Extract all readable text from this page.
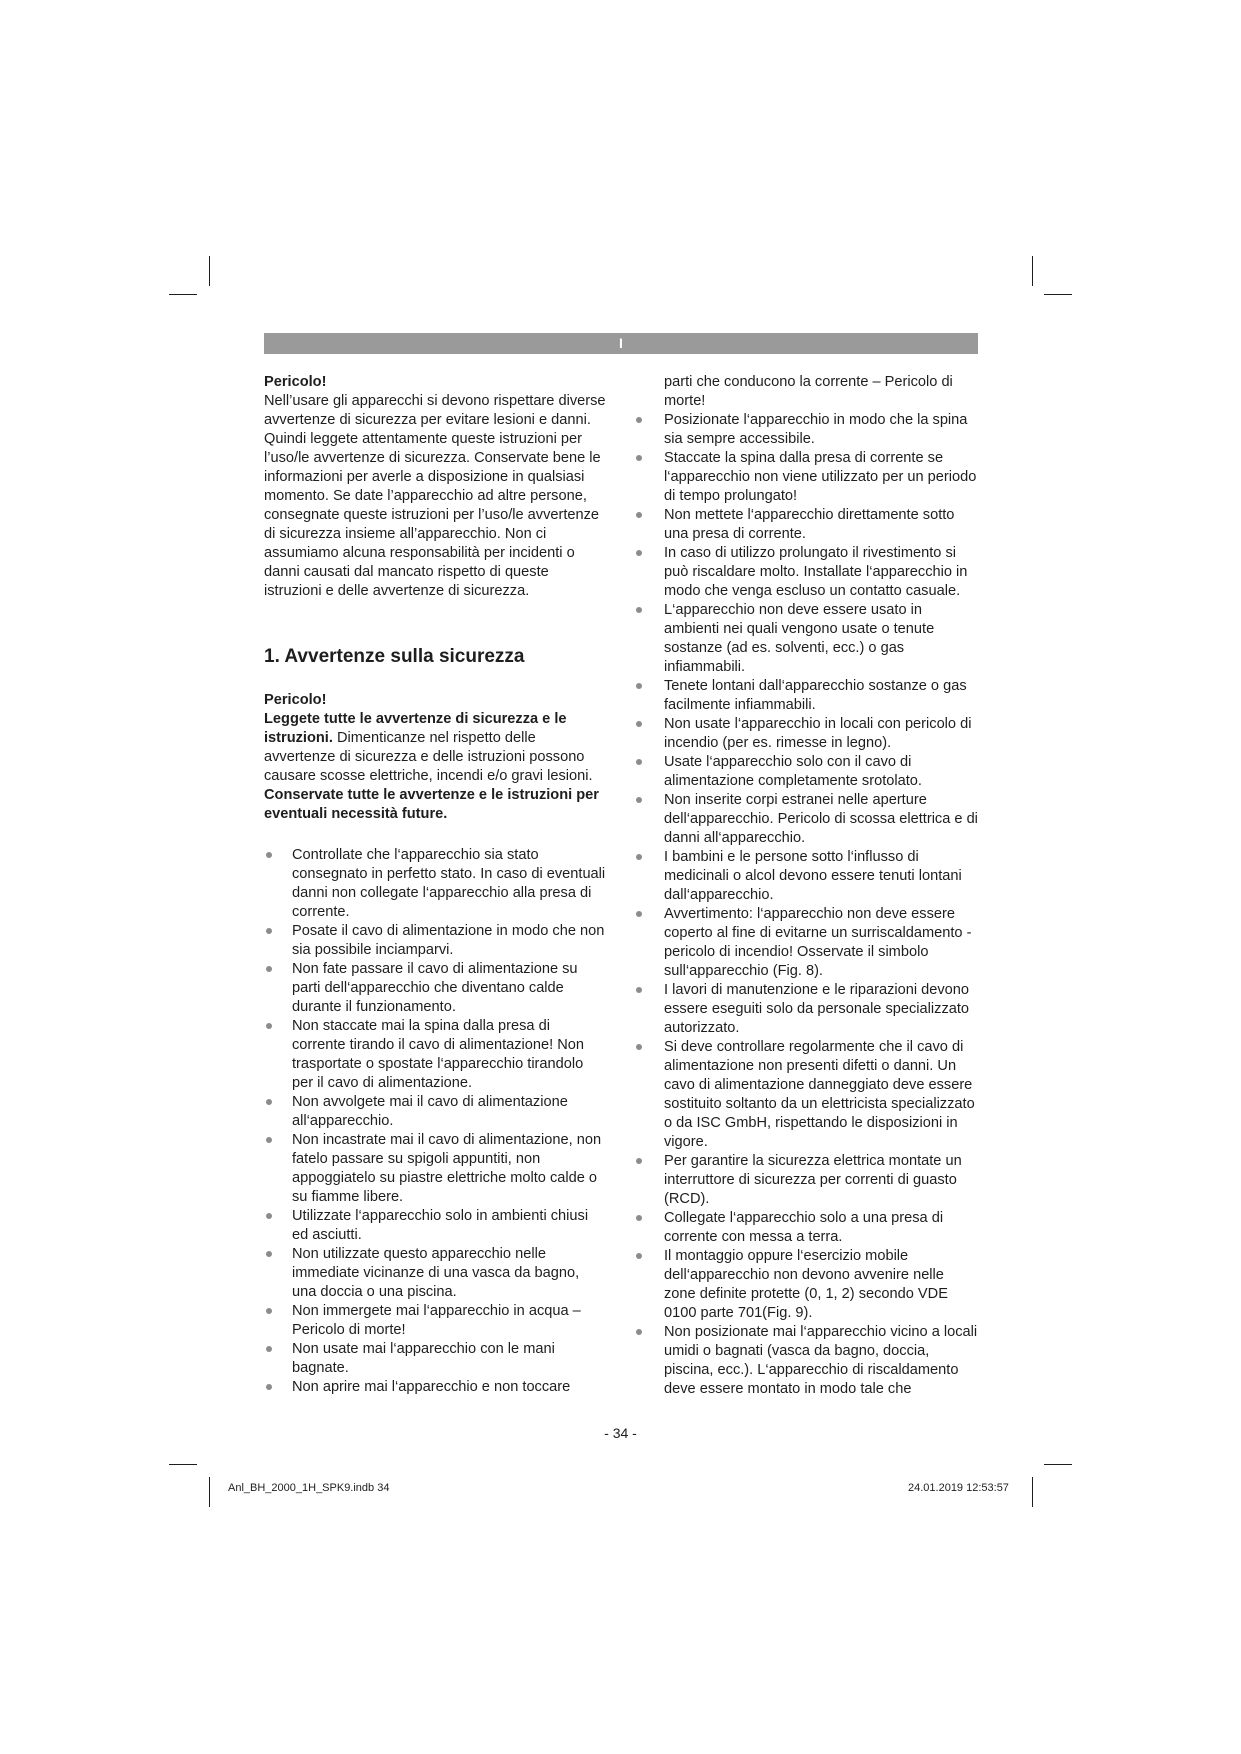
I

Pericolo!

Nell’usare gli apparecchi si devono rispettare diverse avvertenze di sicurezza per evitare lesioni e danni. Quindi leggete attentamente queste istruzioni per l’uso/le avvertenze di sicurezza. Conservate bene le informazioni per averle a disposizione in qualsiasi momento. Se date l’apparecchio ad altre persone, consegnate queste istruzioni per l’uso/le avvertenze di sicurezza insieme all’apparecchio. Non ci assumiamo alcuna responsabilità per incidenti o danni causati dal mancato rispetto di queste istruzioni e delle avvertenze di sicurezza.

1. Avvertenze sulla sicurezza

Pericolo!

Leggete tutte le avvertenze di sicurezza e le istruzioni. Dimenticanze nel rispetto delle avvertenze di sicurezza e delle istruzioni possono causare scosse elettriche, incendi e/o gravi lesioni.

Conservate tutte le avvertenze e le istruzioni per eventuali necessità future.

Controllate che l‘apparecchio sia stato consegnato in perfetto stato. In caso di eventuali danni non collegate l‘apparecchio alla presa di corrente.
Posate il cavo di alimentazione in modo che non sia possibile inciamparvi.
Non fate passare il cavo di alimentazione su parti dell‘apparecchio che diventano calde durante il funzionamento.
Non staccate mai la spina dalla presa di corrente tirando il cavo di alimentazione! Non trasportate o spostate l‘apparecchio tirandolo per il cavo di alimentazione.
Non avvolgete mai il cavo di alimentazione all‘apparecchio.
Non incastrate mai il cavo di alimentazione, non fatelo passare su spigoli appuntiti, non appoggiatelo su piastre elettriche molto calde o su fiamme libere.
Utilizzate l‘apparecchio solo in ambienti chiusi ed asciutti.
Non utilizzate questo apparecchio nelle immediate vicinanze di una vasca da bagno, una doccia o una piscina.
Non immergete mai l‘apparecchio in acqua – Pericolo di morte!
Non usate mai l‘apparecchio con le mani bagnate.
Non aprire mai l‘apparecchio e non toccare

parti che conducono la corrente – Pericolo di morte!

Posizionate l‘apparecchio in modo che la spina sia sempre accessibile.
Staccate la spina dalla presa di corrente se l‘apparecchio non viene utilizzato per un periodo di tempo prolungato!
Non mettete l‘apparecchio direttamente sotto una presa di corrente.
In caso di utilizzo prolungato il rivestimento si può riscaldare molto. Installate l‘apparecchio in modo che venga escluso un contatto casuale.
L‘apparecchio non deve essere usato in ambienti nei quali vengono usate o tenute sostanze (ad es. solventi, ecc.) o gas infiammabili.
Tenete lontani dall‘apparecchio sostanze o gas facilmente infiammabili.
Non usate l‘apparecchio in locali con pericolo di incendio (per es. rimesse in legno).
Usate l‘apparecchio solo con il cavo di alimentazione completamente srotolato.
Non inserite corpi estranei nelle aperture dell‘apparecchio. Pericolo di scossa elettrica e di danni all‘apparecchio.
I bambini e le persone sotto l‘influsso di medicinali o alcol devono essere tenuti lontani dall‘apparecchio.
Avvertimento: l‘apparecchio non deve essere coperto al fine di evitarne un surriscaldamento - pericolo di incendio! Osservate il simbolo sull‘apparecchio (Fig. 8).
I lavori di manutenzione e le riparazioni devono essere eseguiti solo da personale specializzato autorizzato.
Si deve controllare regolarmente che il cavo di alimentazione non presenti difetti o danni. Un cavo di alimentazione danneggiato deve essere sostituito soltanto da un elettricista specializzato o da ISC GmbH, rispettando le disposizioni in vigore.
Per garantire la sicurezza elettrica montate un interruttore di sicurezza per correnti di guasto (RCD).
Collegate l‘apparecchio solo a una presa di corrente con messa a terra.
Il montaggio oppure l‘esercizio mobile dell‘apparecchio non devono avvenire nelle zone definite protette (0, 1, 2) secondo VDE 0100 parte 701(Fig. 9).
Non posizionate mai l‘apparecchio vicino a locali umidi o bagnati (vasca da bagno, doccia, piscina, ecc.). L‘apparecchio di riscaldamento deve essere montato in modo tale che
- 34 -
Anl_BH_2000_1H_SPK9.indb 34	24.01.2019 12:53:57
